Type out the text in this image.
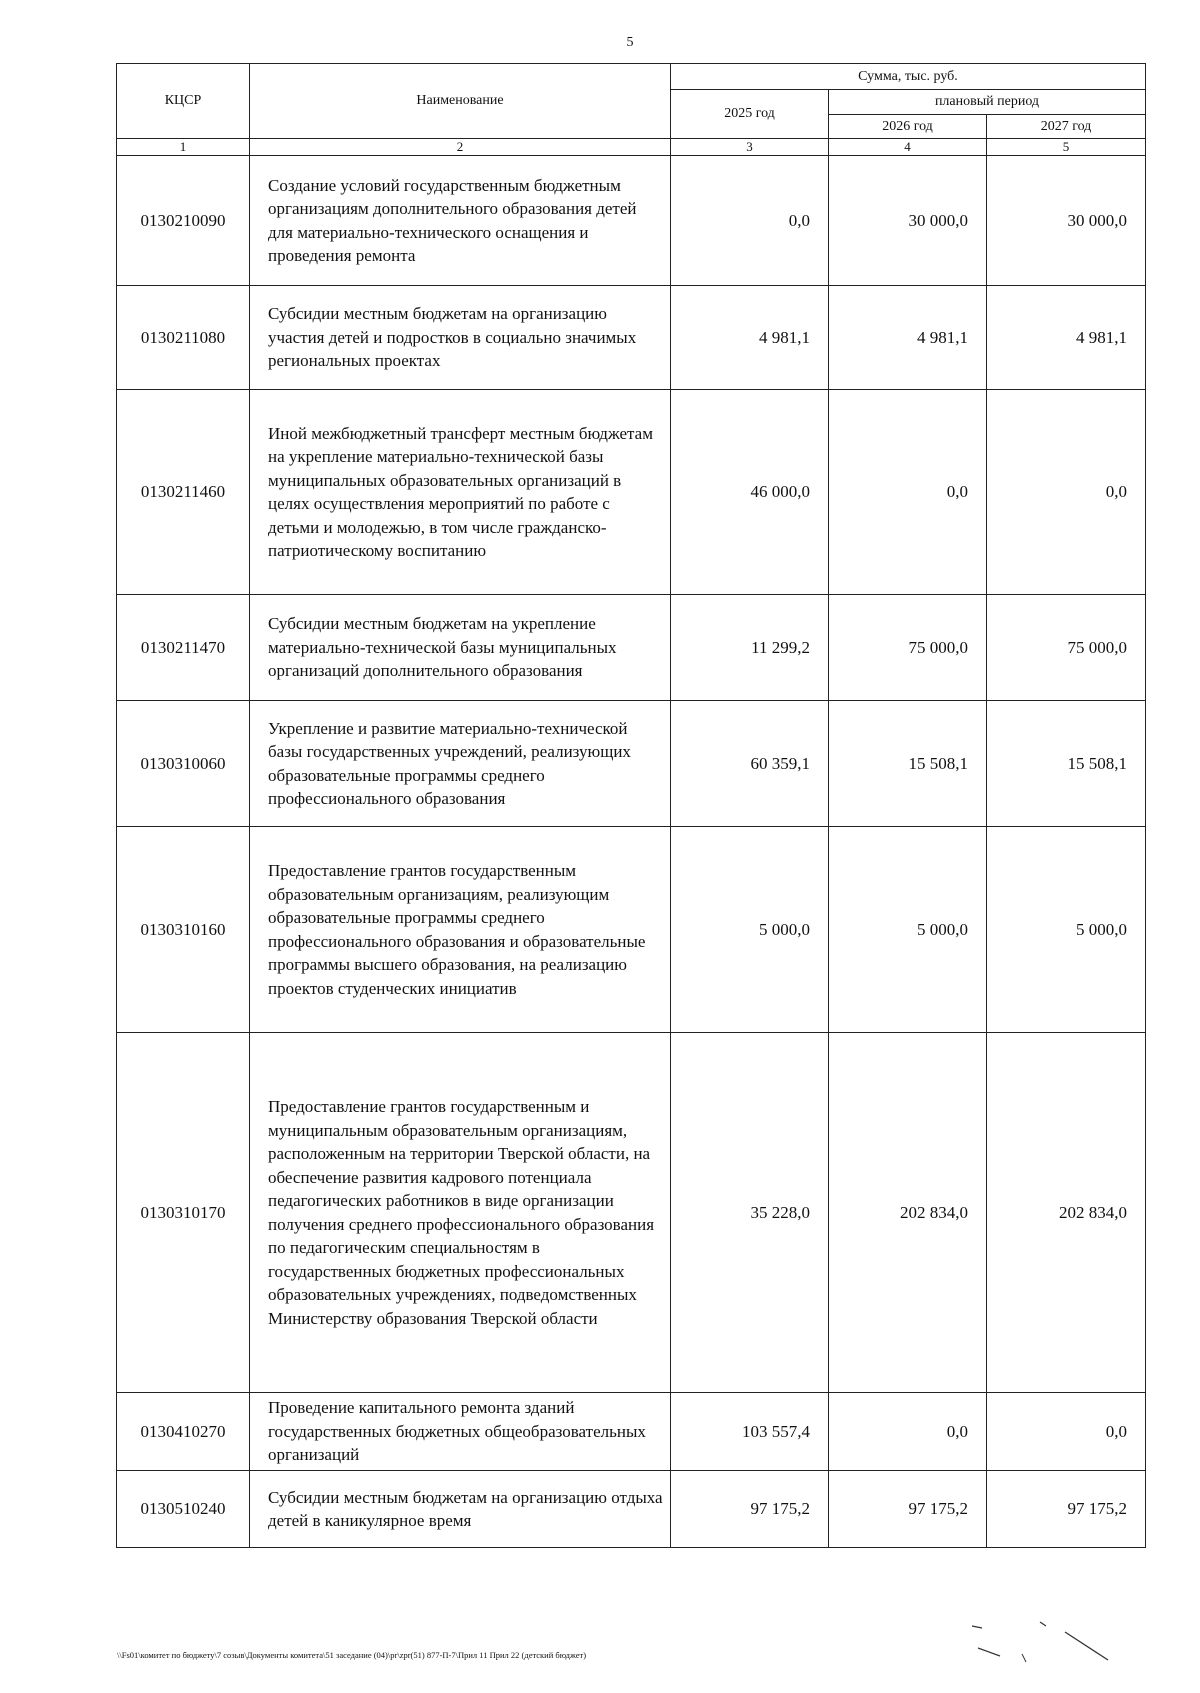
5
КЦСР	Наименование	Сумма, тыс. руб.		
		2025 год	плановый период	
			2026 год	2027 год
1	2	3	4	5
0130210090	Создание условий государственным бюджетным организациям дополнительного образования детей для материально-технического оснащения и проведения ремонта	0,0	30 000,0	30 000,0
0130211080	Субсидии местным бюджетам на организацию участия детей и подростков в социально значимых региональных проектах	4 981,1	4 981,1	4 981,1
0130211460	Иной межбюджетный трансферт местным бюджетам на укрепление материально-технической базы муниципальных образовательных организаций в целях осуществления мероприятий по работе с детьми и молодежью, в том числе гражданско-патриотическому воспитанию	46 000,0	0,0	0,0
0130211470	Субсидии местным бюджетам на укрепление материально-технической базы муниципальных организаций дополнительного образования	11 299,2	75 000,0	75 000,0
0130310060	Укрепление и развитие материально-технической базы государственных учреждений, реализующих образовательные программы среднего профессионального образования	60 359,1	15 508,1	15 508,1
0130310160	Предоставление грантов государственным образовательным организациям, реализующим образовательные программы среднего профессионального образования и образовательные программы высшего образования, на реализацию проектов студенческих инициатив	5 000,0	5 000,0	5 000,0
0130310170	Предоставление грантов государственным и муниципальным образовательным организациям, расположенным на территории Тверской области, на обеспечение развития кадрового потенциала педагогических работников в виде организации получения среднего профессионального образования по педагогическим специальностям в государственных бюджетных профессиональных образовательных учреждениях, подведомственных Министерству образования Тверской области	35 228,0	202 834,0	202 834,0
0130410270	Проведение капитального ремонта зданий государственных бюджетных общеобразовательных организаций	103 557,4	0,0	0,0
0130510240	Субсидии местным бюджетам на организацию отдыха детей в каникулярное время	97 175,2	97 175,2	97 175,2
\\Fs01\комитет по бюджету\7 созыв\Документы комитета\51 заседание (04)\pr\zpr(51) 877-П-7\Прил 11 Прил 22 (детский бюджет)
